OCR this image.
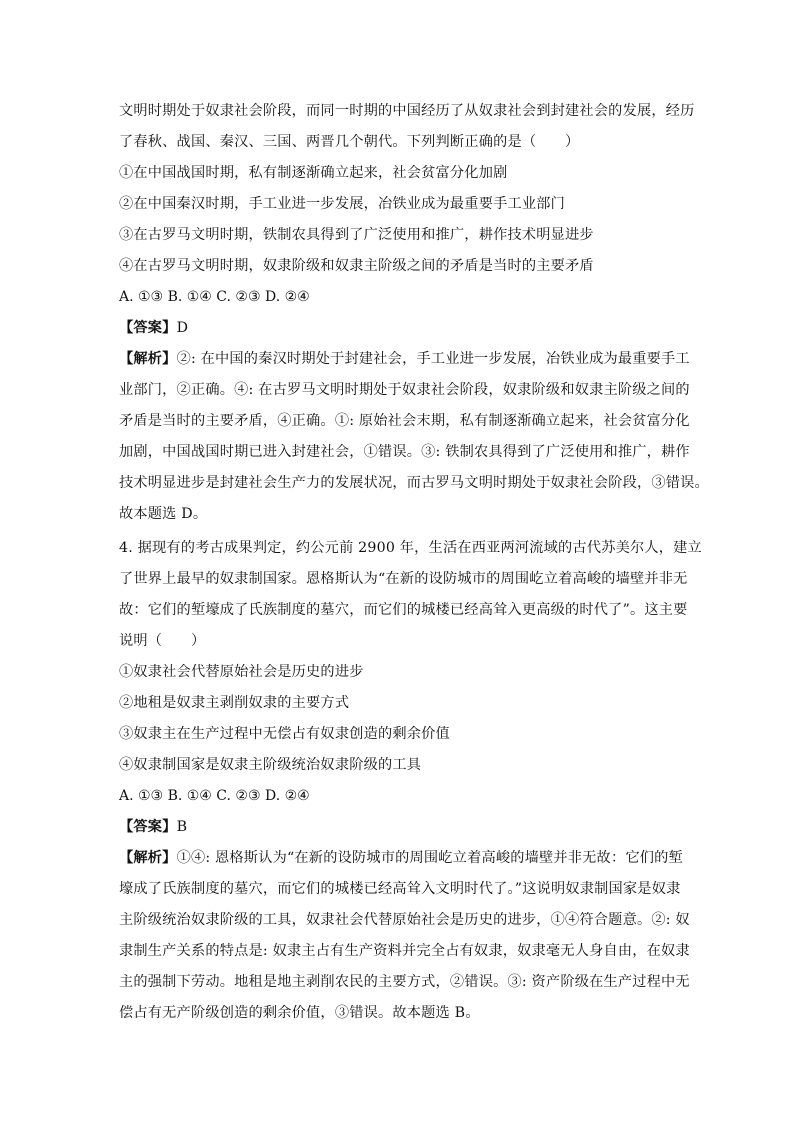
文明时期处于奴隶社会阶段，而同一时期的中国经历了从奴隶社会到封建社会的发展，经历
了春秋、战国、秦汉、三国、两晋几个朝代。下列判断正确的是（　　）
①在中国战国时期，私有制逐渐确立起来，社会贫富分化加剧
②在中国秦汉时期，手工业进一步发展，冶铁业成为最重要手工业部门
③在古罗马文明时期，铁制农具得到了广泛使用和推广，耕作技术明显进步
④在古罗马文明时期，奴隶阶级和奴隶主阶级之间的矛盾是当时的主要矛盾
A. ①③ B. ①④ C. ②③ D. ②④
【答案】D
【解析】②: 在中国的秦汉时期处于封建社会，手工业进一步发展，冶铁业成为最重要手工
业部门，②正确。④: 在古罗马文明时期处于奴隶社会阶段，奴隶阶级和奴隶主阶级之间的
矛盾是当时的主要矛盾，④正确。①: 原始社会末期，私有制逐渐确立起来，社会贫富分化
加剧，中国战国时期已进入封建社会，①错误。③: 铁制农具得到了广泛使用和推广，耕作
技术明显进步是封建社会生产力的发展状况，而古罗马文明时期处于奴隶社会阶段，③错误。
故本题选 D。
4. 据现有的考古成果判定，约公元前 2900 年，生活在西亚两河流域的古代苏美尔人，建立
了世界上最早的奴隶制国家。恩格斯认为“在新的设防城市的周围屹立着高峻的墙壁并非无
故：它们的堑壕成了氏族制度的墓穴，而它们的城楼已经高耸入更高级的时代了”。这主要
说明（　　）
①奴隶社会代替原始社会是历史的进步
②地租是奴隶主剥削奴隶的主要方式
③奴隶主在生产过程中无偿占有奴隶创造的剩余价值
④奴隶制国家是奴隶主阶级统治奴隶阶级的工具
A. ①③ B. ①④ C. ②③ D. ②④
【答案】B
【解析】①④: 恩格斯认为“在新的设防城市的周围屹立着高峻的墙壁并非无故：它们的堑
壕成了氏族制度的墓穴，而它们的城楼已经高耸入文明时代了。”这说明奴隶制国家是奴隶
主阶级统治奴隶阶级的工具，奴隶社会代替原始社会是历史的进步，①④符合题意。②: 奴
隶制生产关系的特点是: 奴隶主占有生产资料并完全占有奴隶，奴隶毫无人身自由，在奴隶
主的强制下劳动。地租是地主剥削农民的主要方式，②错误。③: 资产阶级在生产过程中无
偿占有无产阶级创造的剩余价值，③错误。故本题选 B。
